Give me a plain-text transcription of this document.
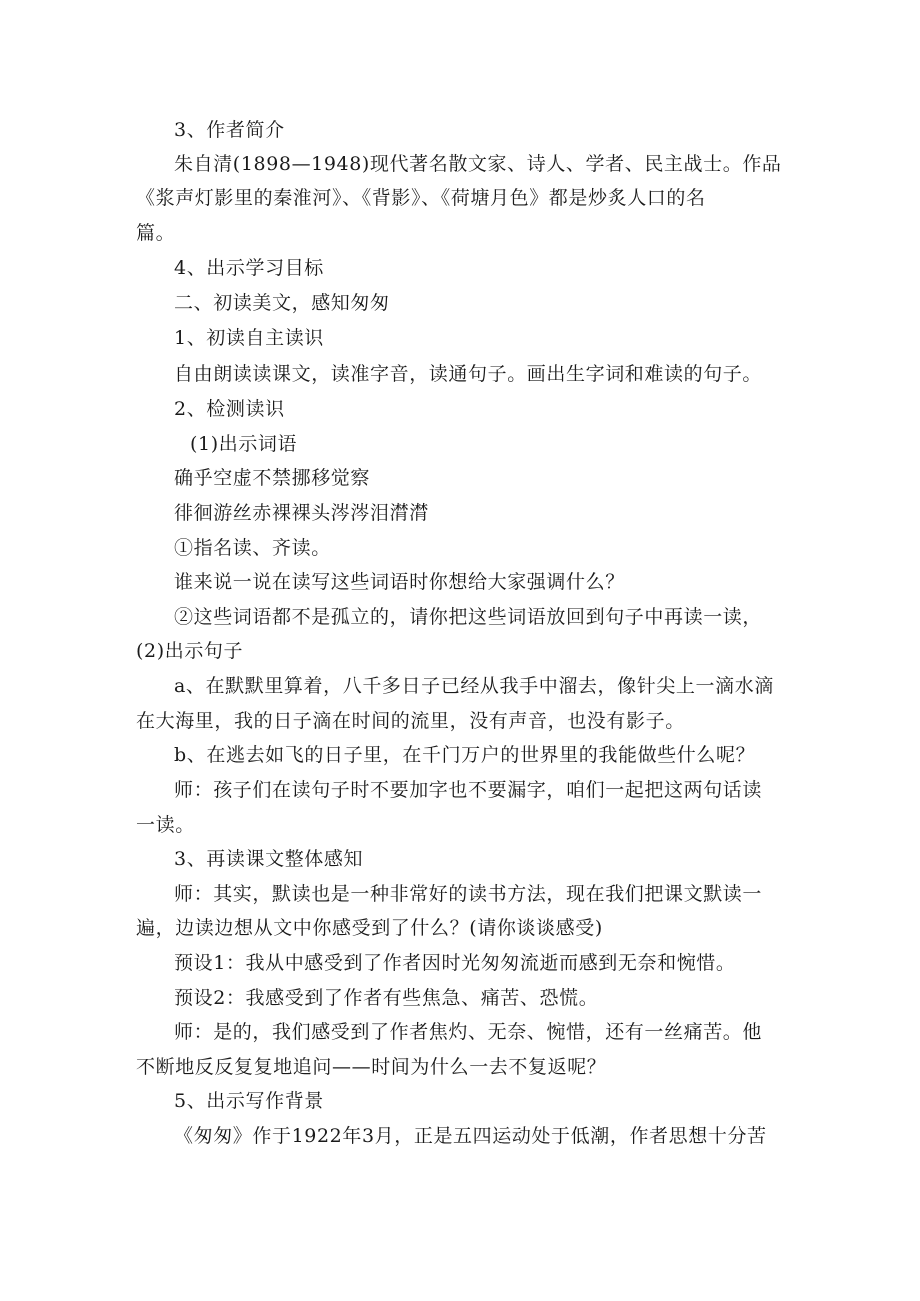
3、作者简介
朱自清(1898—1948)现代著名散文家、诗人、学者、民主战士。作品
《浆声灯影里的秦淮河》、《背影》、《荷塘月色》都是炒炙人口的名
篇。
4、出示学习目标
二、初读美文，感知匆匆
1、初读自主读识
自由朗读读课文，读准字音，读通句子。画出生字词和难读的句子。
2、检测读识
(1)出示词语
确乎空虚不禁挪移觉察
徘徊游丝赤裸裸头涔涔泪潸潸
①指名读、齐读。
谁来说一说在读写这些词语时你想给大家强调什么？
②这些词语都不是孤立的，请你把这些词语放回到句子中再读一读，
(2)出示句子
a、在默默里算着，八千多日子已经从我手中溜去，像针尖上一滴水滴
在大海里，我的日子滴在时间的流里，没有声音，也没有影子。
b、在逃去如飞的日子里，在千门万户的世界里的我能做些什么呢？
师：孩子们在读句子时不要加字也不要漏字，咱们一起把这两句话读
一读。
3、再读课文整体感知
师：其实，默读也是一种非常好的读书方法，现在我们把课文默读一
遍，边读边想从文中你感受到了什么？(请你谈谈感受)
预设1：我从中感受到了作者因时光匆匆流逝而感到无奈和惋惜。
预设2：我感受到了作者有些焦急、痛苦、恐慌。
师：是的，我们感受到了作者焦灼、无奈、惋惜，还有一丝痛苦。他
不断地反反复复地追问——时间为什么一去不复返呢？
5、出示写作背景
《匆匆》作于1922年3月，正是五四运动处于低潮，作者思想十分苦
